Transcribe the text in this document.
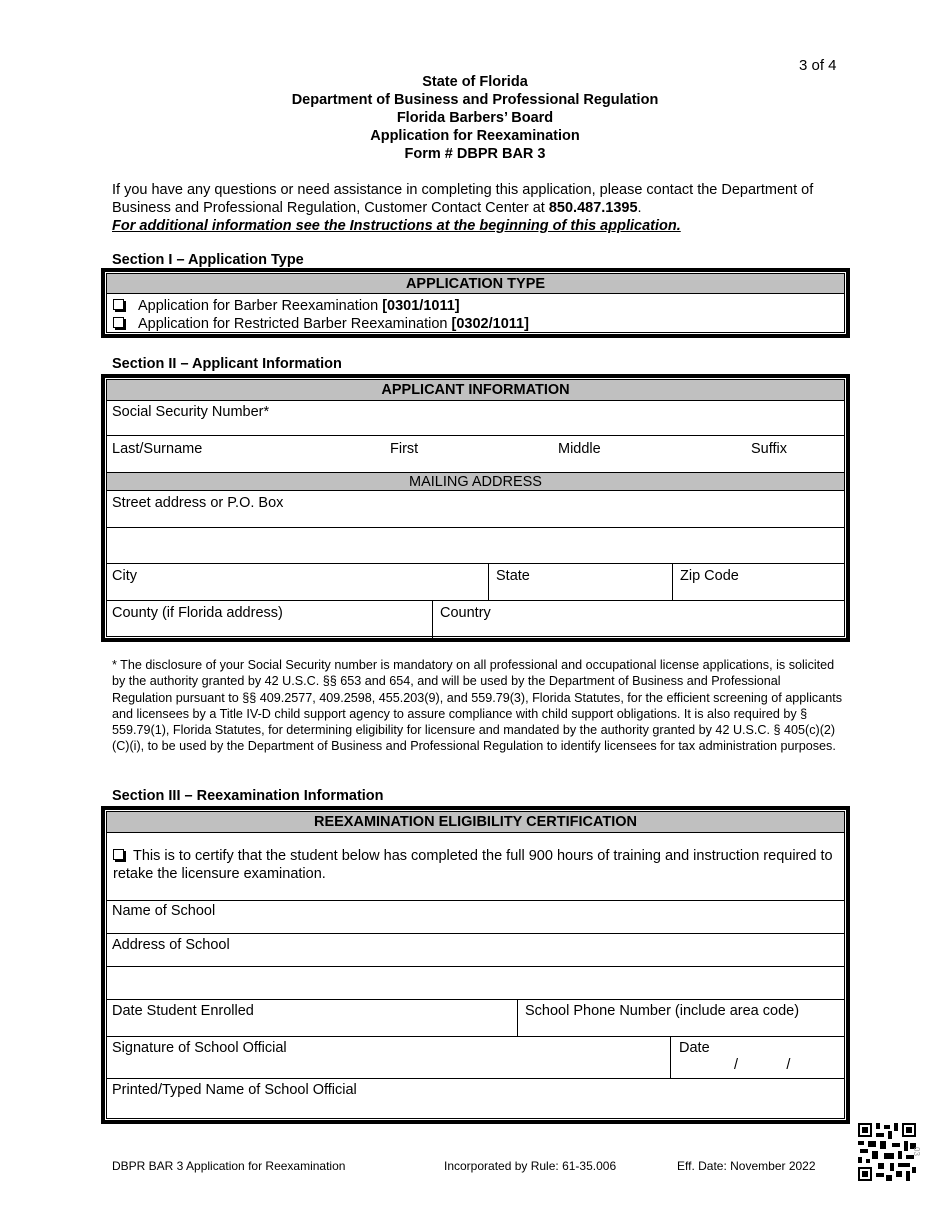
3 of 4
State of Florida
Department of Business and Professional Regulation
Florida Barbers’ Board
Application for Reexamination
Form # DBPR BAR 3
If you have any questions or need assistance in completing this application, please contact the Department of Business and Professional Regulation, Customer Contact Center at 850.487.1395.
For additional information see the Instructions at the beginning of this application.
Section I – Application Type
APPLICATION TYPE
Application for Barber Reexamination [0301/1011]
Application for Restricted Barber Reexamination [0302/1011]
Section II – Applicant Information
APPLICANT INFORMATION
Social Security Number*
Last/Surname	First	Middle	Suffix
MAILING ADDRESS
Street address or P.O. Box
City	State	Zip Code
County (if Florida address)	Country
* The disclosure of your Social Security number is mandatory on all professional and occupational license applications, is solicited by the authority granted by 42 U.S.C. §§ 653 and 654, and will be used by the Department of Business and Professional Regulation pursuant to §§ 409.2577, 409.2598, 455.203(9), and 559.79(3), Florida Statutes, for the efficient screening of applicants and licensees by a Title IV-D child support agency to assure compliance with child support obligations. It is also required by § 559.79(1), Florida Statutes, for determining eligibility for licensure and mandated by the authority granted by 42 U.S.C. § 405(c)(2)(C)(i), to be used by the Department of Business and Professional Regulation to identify licensees for tax administration purposes.
Section III – Reexamination Information
REEXAMINATION ELIGIBILITY CERTIFICATION
This is to certify that the student below has completed the full 900 hours of training and instruction required to retake the licensure examination.
Name of School
Address of School
Date Student Enrolled	School Phone Number (include area code)
Signature of School Official	Date
/            /
Printed/Typed Name of School Official
DBPR BAR 3 Application for Reexamination	Incorporated by Rule: 61-35.006	Eff. Date: November 2022
03
